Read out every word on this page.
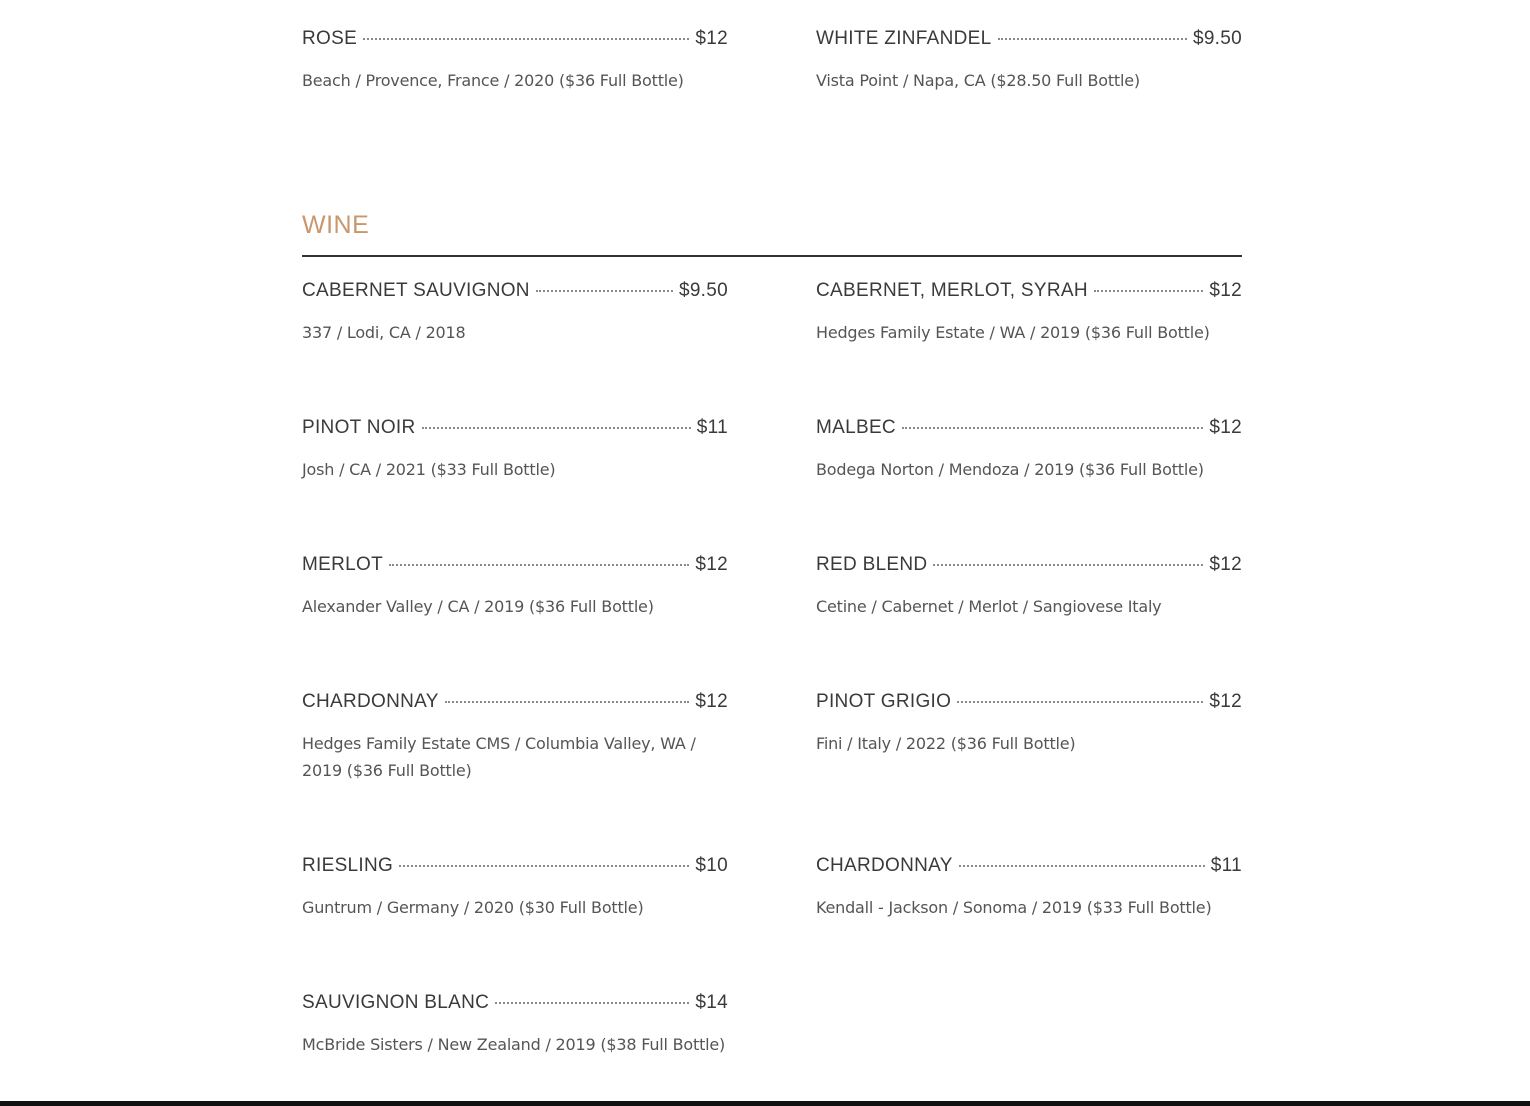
ROSE	$12
Beach / Provence, France / 2020 ($36 Full Bottle)
WHITE ZINFANDEL	$9.50
Vista Point / Napa, CA ($28.50 Full Bottle)
WINE
CABERNET SAUVIGNON	$9.50
337 / Lodi, CA / 2018
CABERNET, MERLOT, SYRAH	$12
Hedges Family Estate / WA / 2019 ($36 Full Bottle)
PINOT NOIR	$11
Josh / CA / 2021 ($33 Full Bottle)
MALBEC	$12
Bodega Norton / Mendoza / 2019 ($36 Full Bottle)
MERLOT	$12
Alexander Valley / CA / 2019 ($36 Full Bottle)
RED BLEND	$12
Cetine / Cabernet / Merlot / Sangiovese Italy
CHARDONNAY	$12
Hedges Family Estate CMS / Columbia Valley, WA / 2019 ($36 Full Bottle)
PINOT GRIGIO	$12
Fini / Italy / 2022 ($36 Full Bottle)
RIESLING	$10
Guntrum / Germany / 2020 ($30 Full Bottle)
CHARDONNAY	$11
Kendall - Jackson / Sonoma / 2019 ($33 Full Bottle)
SAUVIGNON BLANC	$14
McBride Sisters / New Zealand / 2019 ($38 Full Bottle)
